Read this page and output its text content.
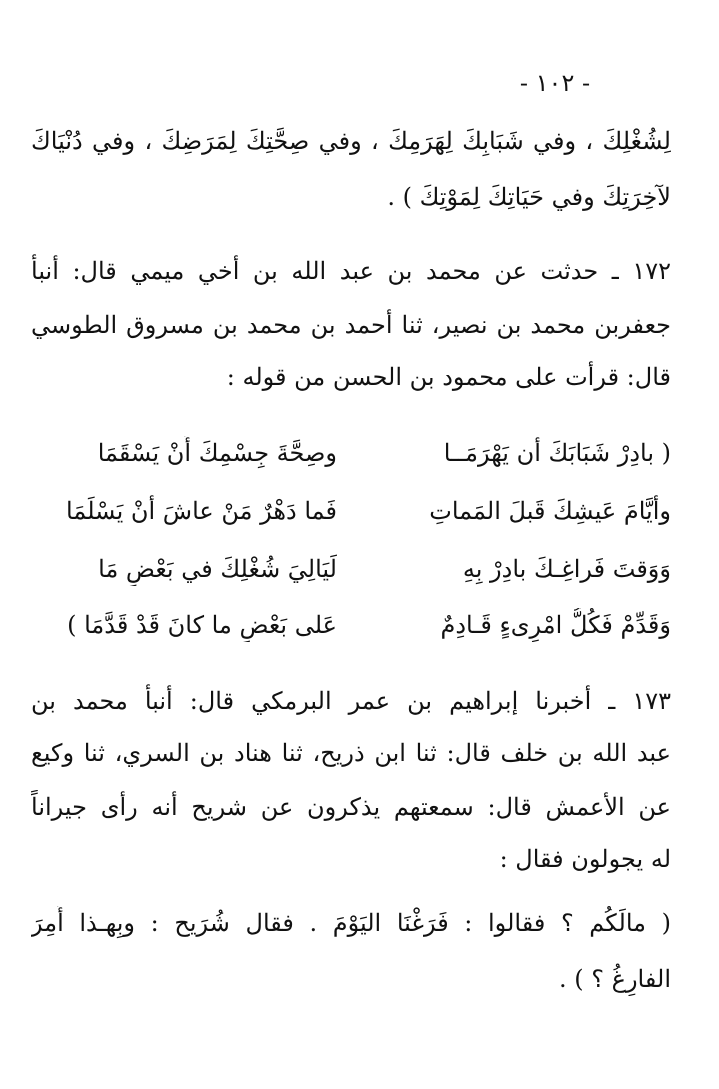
- ١٠٢ -
لِشُغْلِكَ ، وفي شَبَابِكَ لِهَرَمِكَ ، وفي صِحَّتِكَ لِمَرَضِكَ ، وفي دُنْيَاكَ
لآخِرَتِكَ وفي حَيَاتِكَ لِمَوْتِكَ ) .
١٧٢ ـ حدثت عن محمد بن عبد الله بن أخي ميمي قال: أنبأ
جعفربن محمد بن نصير، ثنا أحمد بن محمد بن مسروق الطوسي
قال: قرأت على محمود بن الحسن من قوله :
( بادِرْ شَبَابَكَ أن يَهْرَمَــا
وصِحَّةَ جِسْمِكَ أَنْ يَسْقَمَا
وأيَّامَ عَيشِكَ قَبلَ المَماتِ
فَما دَهْرٌ مَنْ عاشَ أنْ يَسْلَمَا
وَوَقتَ فَراغِـكَ بادِرْ بِهِ
لَيَالِيَ شُغْلِكَ في بَعْضِ مَا
وَقَدِّمْ فَكُلُّ امْرِىءٍ قَـادِمٌ
عَلى بَعْضِ ما كانَ قَدْ قَدَّمَا )
١٧٣ ـ أخبرنا إبراهيم بن عمر البرمكي قال: أنبأ محمد بن
عبد الله بن خلف قال: ثنا ابن ذريح، ثنا هناد بن السري، ثنا وكيع
عن الأعمش قال: سمعتهم يذكرون عن شريح أنه رأى جيراناً
له يجولون فقال :
( مالَكُم ؟ فقالوا : فَرَغْنَا اليَوْمَ . فقال شُرَيح : وبِهـذا أُمِرَ
الفارِغُ ؟ ) .
